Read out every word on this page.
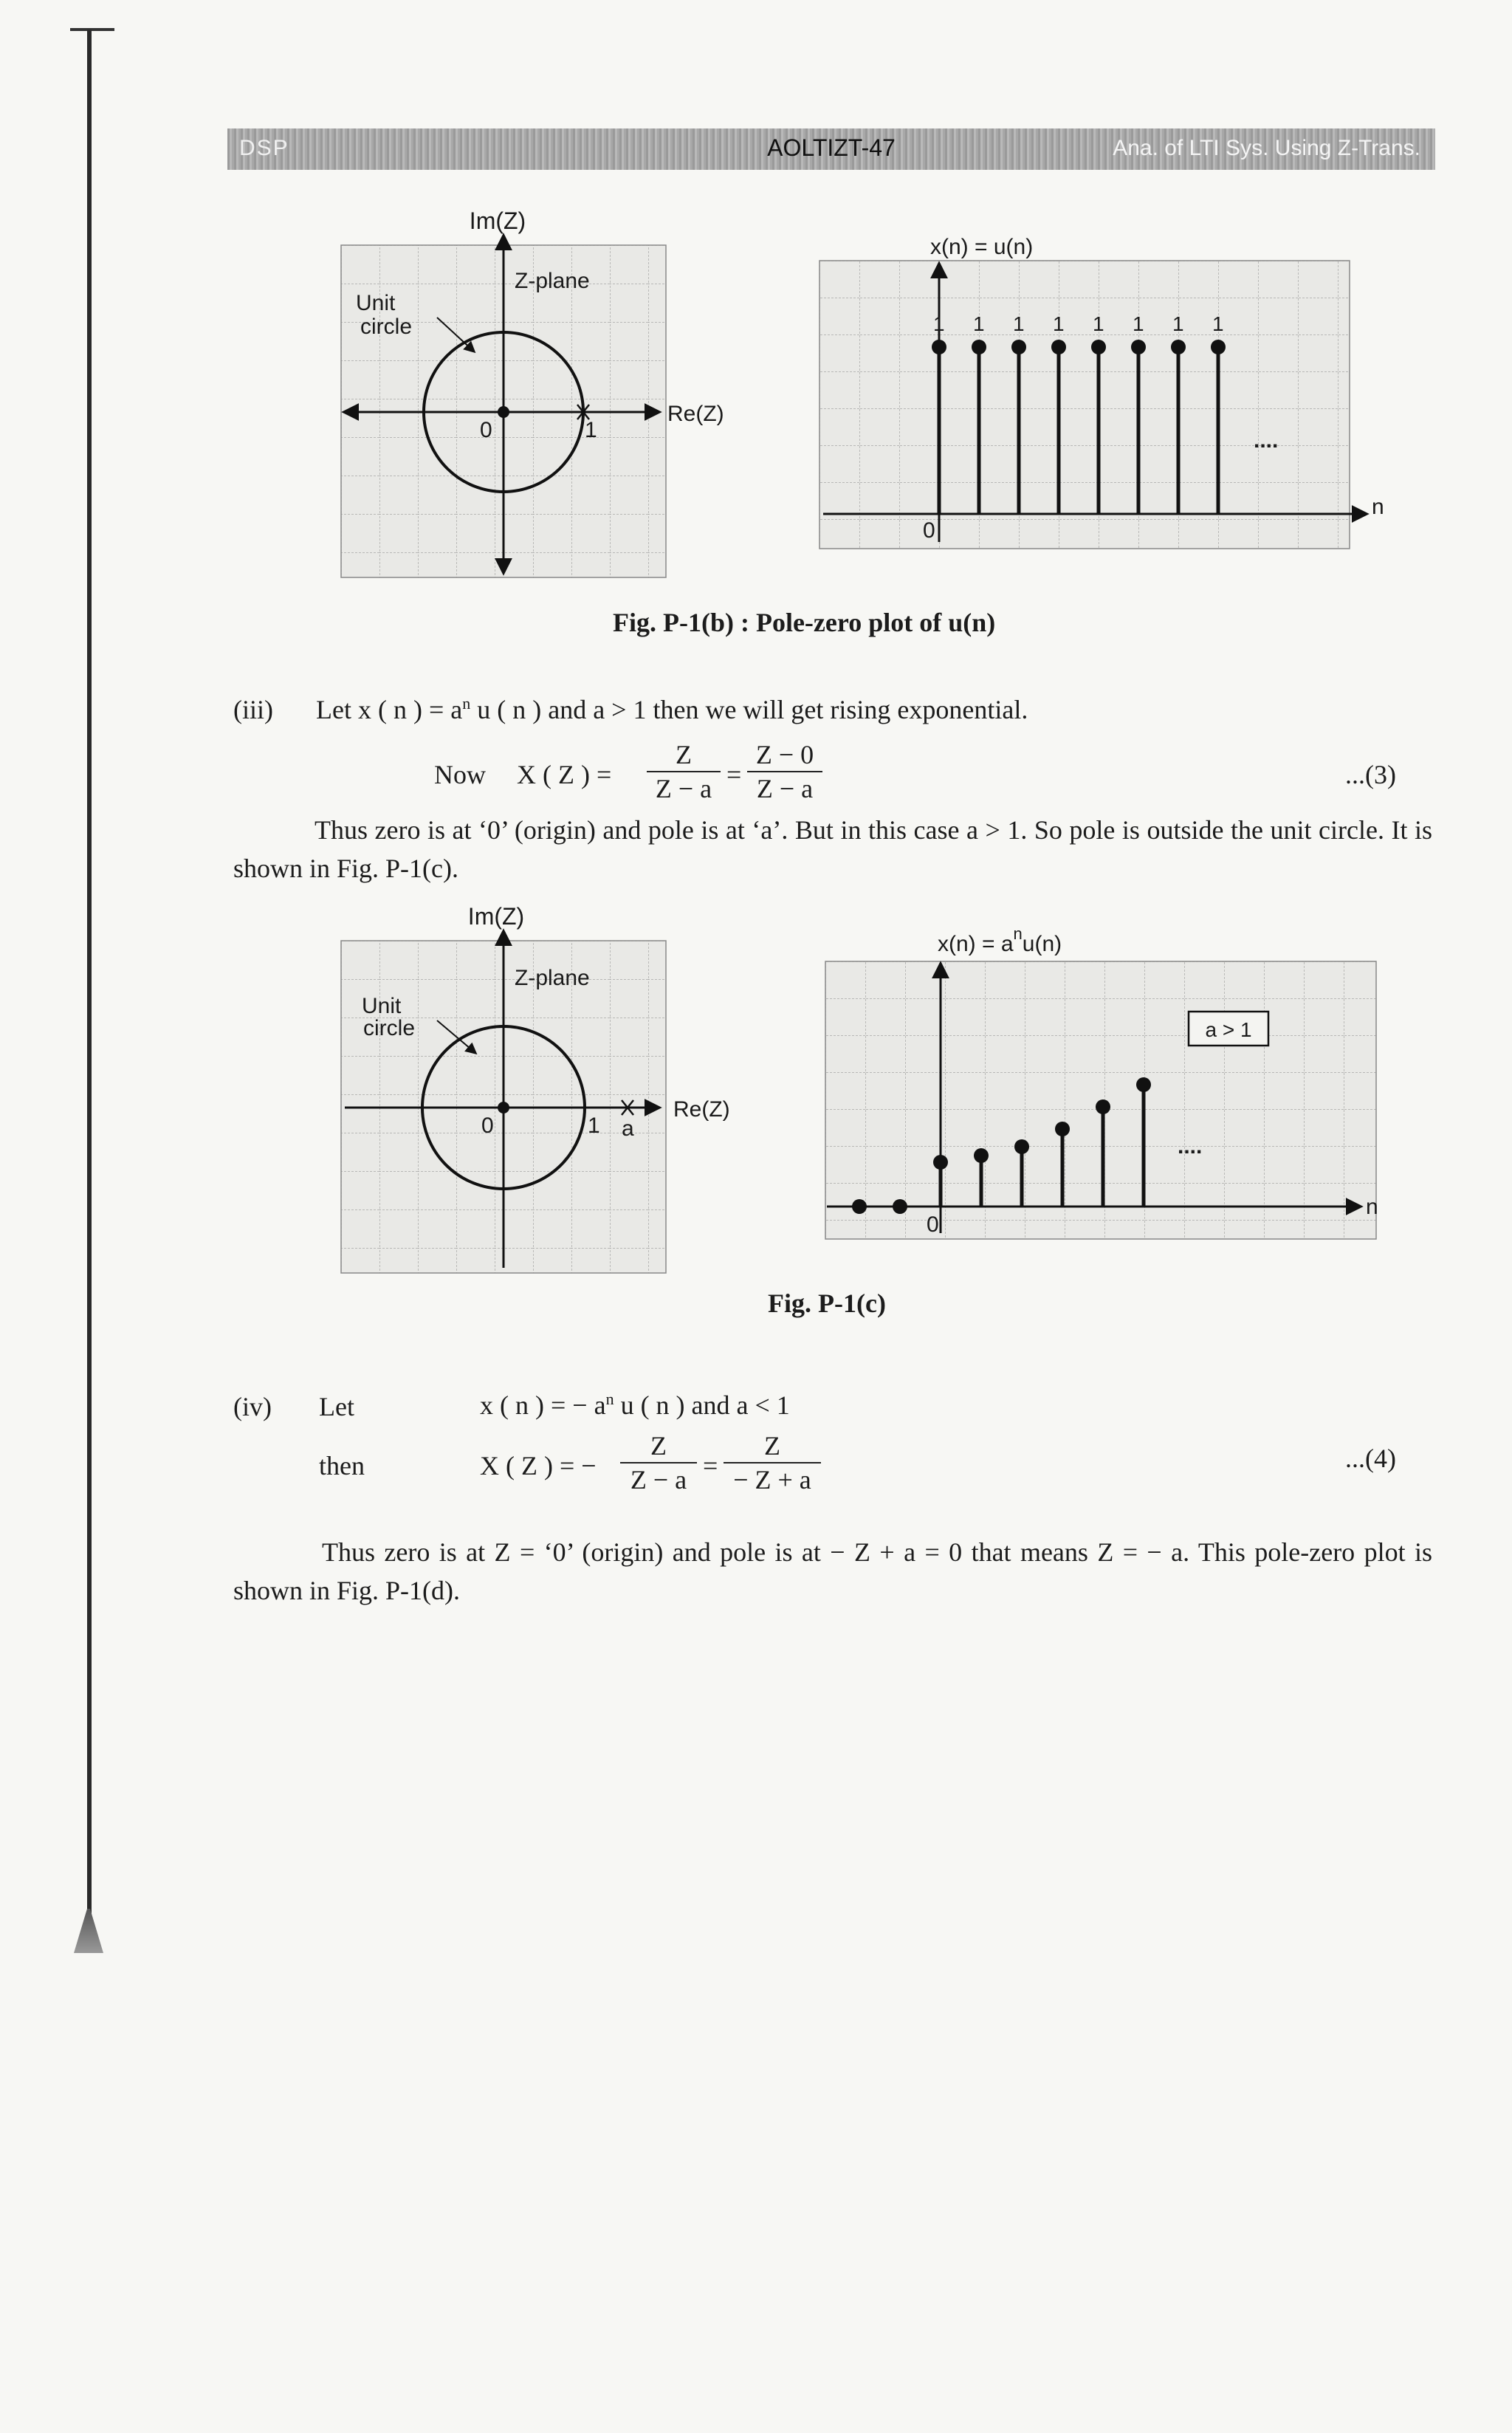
DSP	AOLTIZT-47	Ana. of LTI Sys. Using Z-Trans.
Im(Z)
Z-plane
Unit
circle
0	1
Re(Z)
x(n) = u(n)
0
n
....
1 1 1 1 1 1 1 1
Fig. P-1(b) : Pole-zero plot of u(n)
(iii) Let x ( n ) = $a^n$ u ( n ) and a > 1 then we will get rising exponential.
Now X ( Z ) = $\frac{Z}{Z - a} = \frac{Z - 0}{Z - a}$	...(3)
Thus zero is at ‘0’ (origin) and pole is at ‘a’. But in this case a > 1. So pole is outside the unit circle. It is shown in Fig. P-1(c).
Im(Z)
Z-plane
Unit
circle
0	1 a
Re(Z)
$x(n) = a^nu(n)$
0
n
....
a > 1
Fig. P-1(c)
(iv) Let	x ( n ) = − $a^n$ u ( n ) and a < 1
then	X ( Z ) = − $\frac{Z}{Z - a} = \frac{Z}{- Z + a}$	...(4)
Thus zero is at Z = ‘0’ (origin) and pole is at − Z + a = 0 that means Z = − a. This pole-zero plot is shown in Fig. P-1(d).
